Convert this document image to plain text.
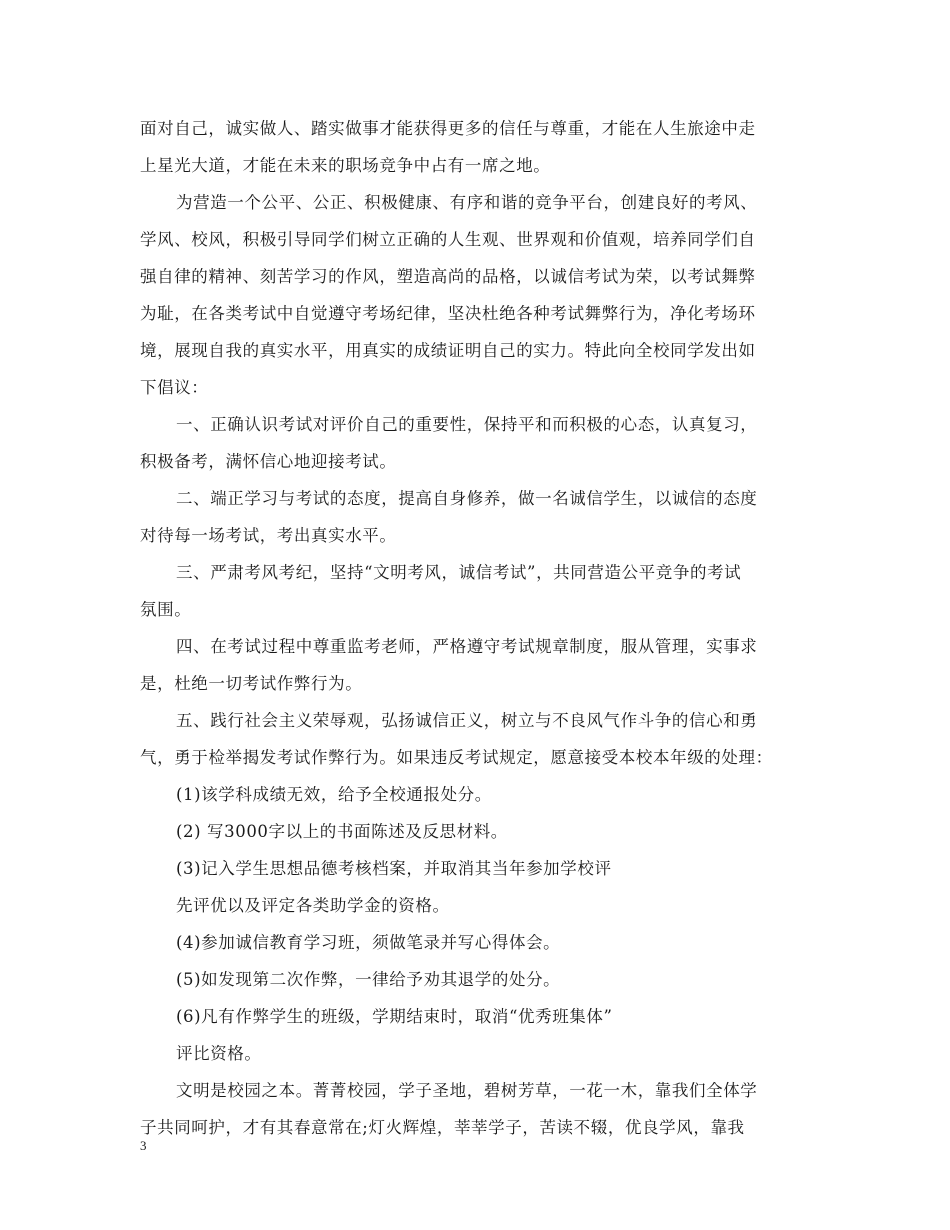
面对自己，诚实做人、踏实做事才能获得更多的信任与尊重，才能在人生旅途中走
上星光大道，才能在未来的职场竞争中占有一席之地。
为营造一个公平、公正、积极健康、有序和谐的竞争平台，创建良好的考风、
学风、校风，积极引导同学们树立正确的人生观、世界观和价值观，培养同学们自
强自律的精神、刻苦学习的作风，塑造高尚的品格，以诚信考试为荣，以考试舞弊
为耻，在各类考试中自觉遵守考场纪律，坚决杜绝各种考试舞弊行为，净化考场环
境，展现自我的真实水平，用真实的成绩证明自己的实力。特此向全校同学发出如
下倡议：
一、正确认识考试对评价自己的重要性，保持平和而积极的心态，认真复习，
积极备考，满怀信心地迎接考试。
二、端正学习与考试的态度，提高自身修养，做一名诚信学生，以诚信的态度
对待每一场考试，考出真实水平。
三、严肃考风考纪，坚持“文明考风，诚信考试”，共同营造公平竞争的考试
氛围。
四、在考试过程中尊重监考老师，严格遵守考试规章制度，服从管理，实事求
是，杜绝一切考试作弊行为。
五、践行社会主义荣辱观，弘扬诚信正义，树立与不良风气作斗争的信心和勇
气，勇于检举揭发考试作弊行为。如果违反考试规定，愿意接受本校本年级的处理：
(1)该学科成绩无效，给予全校通报处分。
(2) 写3000字以上的书面陈述及反思材料。
(3)记入学生思想品德考核档案，并取消其当年参加学校评
先评优以及评定各类助学金的资格。
(4)参加诚信教育学习班，须做笔录并写心得体会。
(5)如发现第二次作弊，一律给予劝其退学的处分。
(6)凡有作弊学生的班级，学期结束时，取消“优秀班集体”
评比资格。
文明是校园之本。菁菁校园，学子圣地，碧树芳草，一花一木，靠我们全体学
子共同呵护，才有其春意常在;灯火辉煌，莘莘学子，苦读不辍，优良学风，靠我
3
